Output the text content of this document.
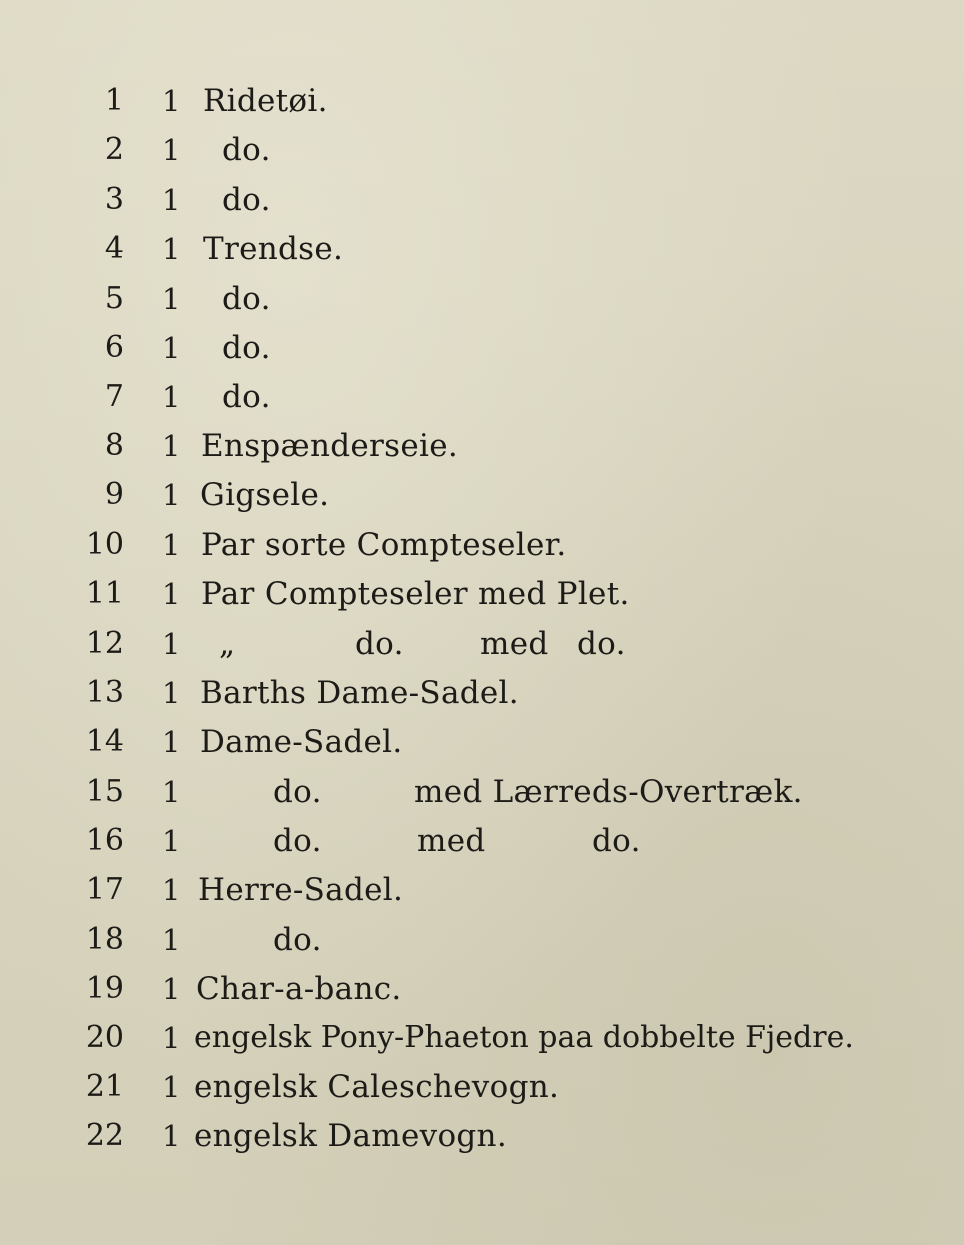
1 1 Ridetøi.
2 1 do.
3 1 do.
4 1 Trendse.
5 1 do.
6 1 do.
7 1 do.
8 1 Enspænderseie.
9 1 Gigsele.
10 1 Par sorte Compteseler.
11 1 Par Compteseler med Plet.
12 1 „	do. med do.
13 1 Barths Dame-Sadel.
14 1 Dame-Sadel.
15 1	do.	med Lærreds-Overtræk.
16 1	do.	med	do.
17 1 Herre-Sadel.
18 1	do.
19 1 Char-a-banc.
20 1 engelsk Pony-Phaeton paa dobbelte Fjedre.
21 1 engelsk Caleschevogn.
22 1 engelsk Damevogn.
